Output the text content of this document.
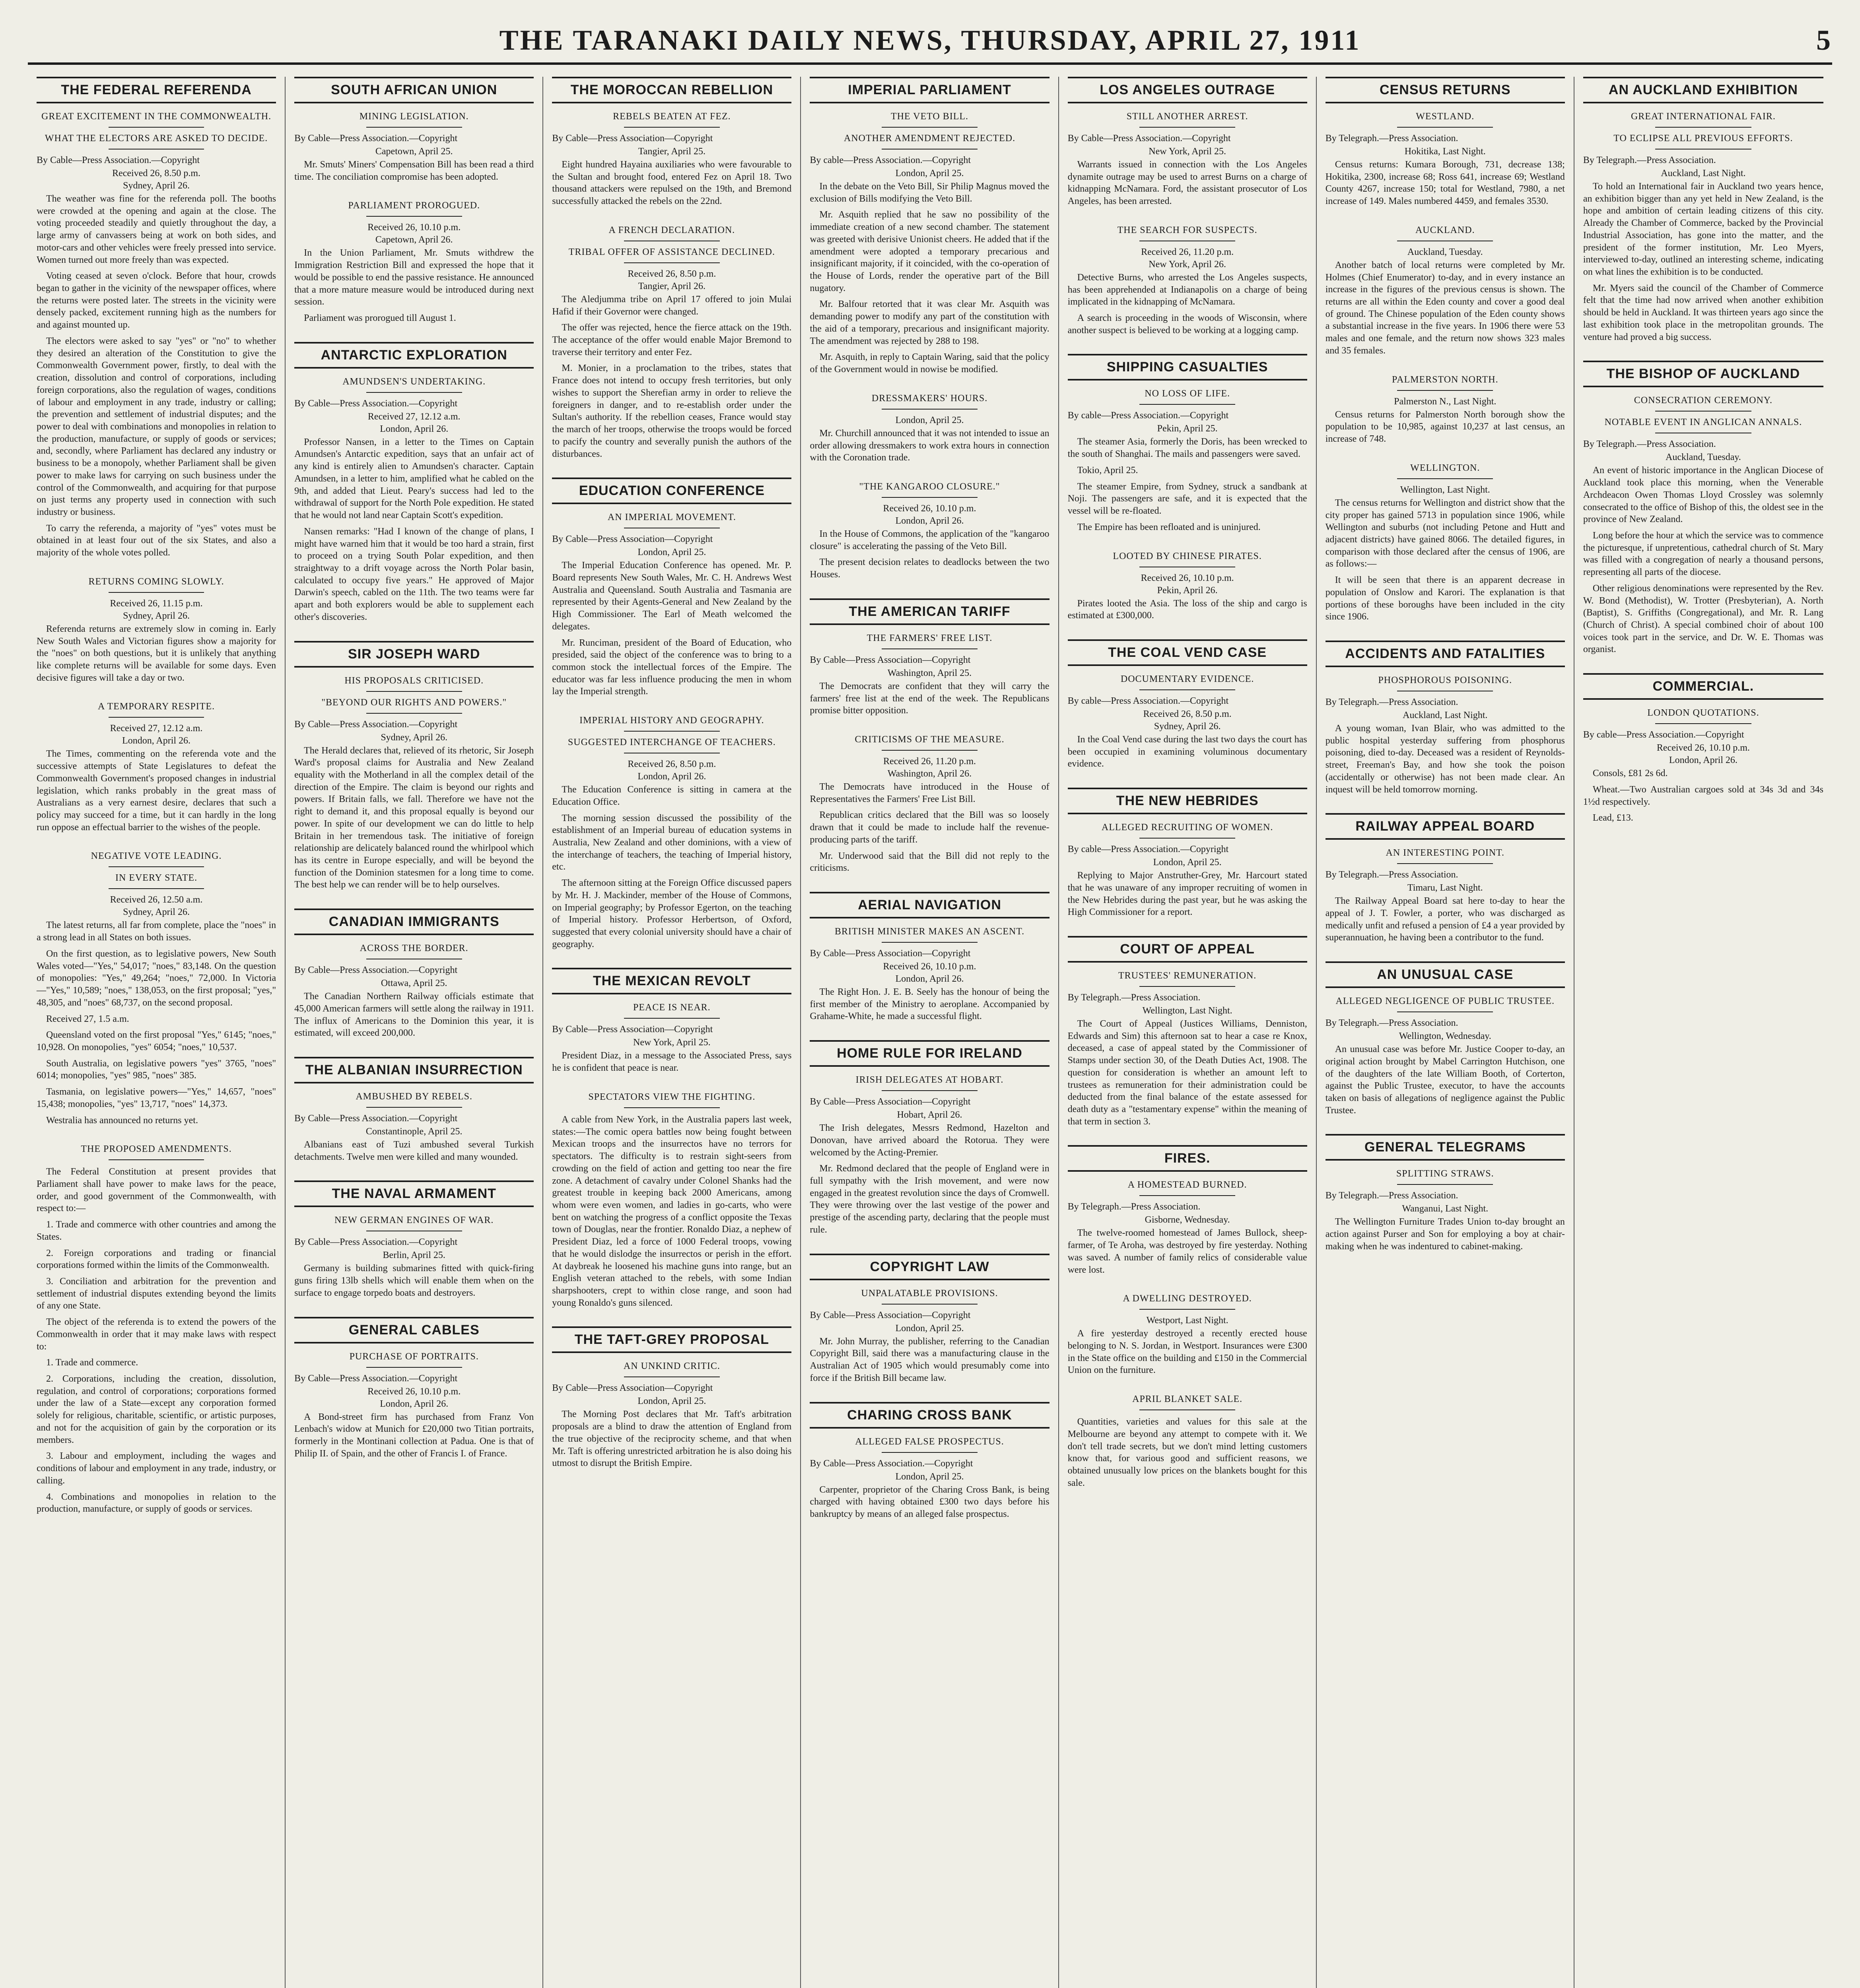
THE TARANAKI DAILY NEWS, THURSDAY, APRIL 27, 1911	5
THE FEDERAL REFERENDA
GREAT EXCITEMENT IN THE COMMONWEALTH.
WHAT THE ELECTORS ARE ASKED TO DECIDE.
By Cable—Press Association.—Copyright
Received 26, 8.50 p.m.
Sydney, April 26.

The weather was fine for the referenda poll. The booths were crowded at the opening and again at the close. The voting proceeded steadily and quietly throughout the day, a large army of canvassers being at work on both sides, and motor-cars and other vehicles were freely pressed into service. Women turned out more freely than was expected.

Voting ceased at seven o'clock. Before that hour, crowds began to gather in the vicinity of the newspaper offices, where the returns were posted later. The streets in the vicinity were densely packed, excitement running high as the numbers for and against mounted up.

The electors were asked to say "yes" or "no" to whether they desired an alteration of the Constitution to give the Commonwealth Government power, firstly, to deal with the creation, dissolution and control of corporations, including foreign corporations, also the regulation of wages, conditions of labour and employment in any trade, industry or calling; the prevention and settlement of industrial disputes; and the power to deal with combinations and monopolies in relation to the production, manufacture, or supply of goods or services; and, secondly, where Parliament has declared any industry or business to be a monopoly, whether Parliament shall be given power to make laws for carrying on such business under the control of the Commonwealth, and acquiring for that purpose on just terms any property used in connection with such industry or business.

To carry the referenda, a majority of "yes" votes must be obtained in at least four out of the six States, and also a majority of the whole votes polled.

RETURNS COMING SLOWLY.
Received 26, 11.15 p.m.
Sydney, April 26.

Referenda returns are extremely slow in coming in. Early New South Wales and Victorian figures show a majority for the "noes" on both questions, but it is unlikely that anything like complete returns will be available for some days. Even decisive figures will take a day or two.

A TEMPORARY RESPITE.
Received 27, 12.12 a.m.
London, April 26.

The Times, commenting on the referenda vote and the successive attempts of State Legislatures to defeat the Commonwealth Government's proposed changes in industrial legislation, which ranks probably in the great mass of Australians as a very earnest desire, declares that such a policy may succeed for a time, but it can hardly in the long run oppose an effectual barrier to the wishes of the people.

NEGATIVE VOTE LEADING.
IN EVERY STATE.
Received 26, 12.50 a.m.
Sydney, April 26.

The latest returns, all far from complete, place the "noes" in a strong lead in all States on both issues.

On the first question, as to legislative powers, New South Wales voted—"Yes," 54,017; "noes," 83,148. On the question of monopolies: "Yes," 49,264; "noes," 72,000. In Victoria—"Yes," 10,589; "noes," 138,053, on the first proposal; "yes," 48,305, and "noes" 68,737, on the second proposal.

Received 27, 1.5 a.m.

Queensland voted on the first proposal "Yes," 6145; "noes," 10,928. On monopolies, "yes" 6054; "noes," 10,537.

South Australia, on legislative powers "yes" 3765, "noes" 6014; monopolies, "yes" 985, "noes" 385.

Tasmania, on legislative powers—"Yes," 14,657, "noes" 15,438; monopolies, "yes" 13,717, "noes" 14,373.

Westralia has announced no returns yet.

THE PROPOSED AMENDMENTS.

The Federal Constitution at present provides that Parliament shall have power to make laws for the peace, order, and good government of the Commonwealth, with respect to:—

1. Trade and commerce with other countries and among the States.

2. Foreign corporations and trading or financial corporations formed within the limits of the Commonwealth.

3. Conciliation and arbitration for the prevention and settlement of industrial disputes extending beyond the limits of any one State.

The object of the referenda is to extend the powers of the Commonwealth in order that it may make laws with respect to:

1. Trade and commerce.

2. Corporations, including the creation, dissolution, regulation, and control of corporations; corporations formed under the law of a State—except any corporation formed solely for religious, charitable, scientific, or artistic purposes, and not for the acquisition of gain by the corporation or its members.

3. Labour and employment, including the wages and conditions of labour and employment in any trade, industry, or calling.

4. Combinations and monopolies in relation to the production, manufacture, or supply of goods or services.

SOUTH AFRICAN UNION
MINING LEGISLATION.
By Cable—Press Association.—Copyright
Capetown, April 25.

Mr. Smuts' Miners' Compensation Bill has been read a third time. The conciliation compromise has been adopted.

PARLIAMENT PROROGUED.
Received 26, 10.10 p.m.
Capetown, April 26.

In the Union Parliament, Mr. Smuts withdrew the Immigration Restriction Bill and expressed the hope that it would be possible to end the passive resistance. He announced that a more mature measure would be introduced during next session.

Parliament was prorogued till August 1.

ANTARCTIC EXPLORATION
AMUNDSEN'S UNDERTAKING.
By Cable—Press Association.—Copyright
Received 27, 12.12 a.m.
London, April 26.

Professor Nansen, in a letter to the Times on Captain Amundsen's Antarctic expedition, says that an unfair act of any kind is entirely alien to Amundsen's character. Captain Amundsen, in a letter to him, amplified what he cabled on the 9th, and added that Lieut. Peary's success had led to the withdrawal of support for the North Pole expedition. He stated that he would not land near Captain Scott's expedition.

Nansen remarks: "Had I known of the change of plans, I might have warned him that it would be too hard a strain, first to proceed on a trying South Polar expedition, and then straightway to a drift voyage across the North Polar basin, calculated to occupy five years." He approved of Major Darwin's speech, cabled on the 11th. The two teams were far apart and both explorers would be able to supplement each other's discoveries.

SIR JOSEPH WARD
HIS PROPOSALS CRITICISED.
"BEYOND OUR RIGHTS AND POWERS."
By Cable—Press Association.—Copyright
Sydney, April 26.

The Herald declares that, relieved of its rhetoric, Sir Joseph Ward's proposal claims for Australia and New Zealand equality with the Motherland in all the complex detail of the direction of the Empire. The claim is beyond our rights and powers. If Britain falls, we fall. Therefore we have not the right to demand it, and this proposal equally is beyond our power. In spite of our development we can do little to help Britain in her tremendous task. The initiative of foreign relationship are delicately balanced round the whirlpool which has its centre in Europe especially, and will be beyond the function of the Dominion statesmen for a long time to come. The best help we can render will be to help ourselves.

CANADIAN IMMIGRANTS
ACROSS THE BORDER.
By Cable—Press Association.—Copyright
Ottawa, April 25.

The Canadian Northern Railway officials estimate that 45,000 American farmers will settle along the railway in 1911. The influx of Americans to the Dominion this year, it is estimated, will exceed 200,000.

THE ALBANIAN INSURRECTION
AMBUSHED BY REBELS.
By Cable—Press Association.—Copyright
Constantinople, April 25.

Albanians east of Tuzi ambushed several Turkish detachments. Twelve men were killed and many wounded.

THE NAVAL ARMAMENT
NEW GERMAN ENGINES OF WAR.
By Cable—Press Association.—Copyright
Berlin, April 25.

Germany is building submarines fitted with quick-firing guns firing 13lb shells which will enable them when on the surface to engage torpedo boats and destroyers.

GENERAL CABLES
PURCHASE OF PORTRAITS.
By Cable—Press Association.—Copyright
Received 26, 10.10 p.m.
London, April 26.

A Bond-street firm has purchased from Franz Von Lenbach's widow at Munich for £20,000 two Titian portraits, formerly in the Montinani collection at Padua. One is that of Philip II. of Spain, and the other of Francis I. of France.

THE MOROCCAN REBELLION
REBELS BEATEN AT FEZ.
By Cable—Press Association—Copyright
Tangier, April 25.

Eight hundred Hayaina auxiliaries who were favourable to the Sultan and brought food, entered Fez on April 18. Two thousand attackers were repulsed on the 19th, and Bremond successfully attacked the rebels on the 22nd.

A FRENCH DECLARATION.
TRIBAL OFFER OF ASSISTANCE DECLINED.
Received 26, 8.50 p.m.
Tangier, April 26.

The Aledjumma tribe on April 17 offered to join Mulai Hafid if their Governor were changed.

The offer was rejected, hence the fierce attack on the 19th. The acceptance of the offer would enable Major Bremond to traverse their territory and enter Fez.

M. Monier, in a proclamation to the tribes, states that France does not intend to occupy fresh territories, but only wishes to support the Sherefian army in order to relieve the foreigners in danger, and to re-establish order under the Sultan's authority. If the rebellion ceases, France would stay the march of her troops, otherwise the troops would be forced to pacify the country and severally punish the authors of the disturbances.

EDUCATION CONFERENCE
AN IMPERIAL MOVEMENT.
By Cable—Press Association—Copyright
London, April 25.

The Imperial Education Conference has opened. Mr. P. Board represents New South Wales, Mr. C. H. Andrews West Australia and Queensland. South Australia and Tasmania are represented by their Agents-General and New Zealand by the High Commissioner. The Earl of Meath welcomed the delegates.

Mr. Runciman, president of the Board of Education, who presided, said the object of the conference was to bring to a common stock the intellectual forces of the Empire. The educator was far less influence producing the men in whom lay the Imperial strength.

IMPERIAL HISTORY AND GEOGRAPHY.
SUGGESTED INTERCHANGE OF TEACHERS.
Received 26, 8.50 p.m.
London, April 26.

The Education Conference is sitting in camera at the Education Office.

The morning session discussed the possibility of the establishment of an Imperial bureau of education systems in Australia, New Zealand and other dominions, with a view of the interchange of teachers, the teaching of Imperial history, etc.

The afternoon sitting at the Foreign Office discussed papers by Mr. H. J. Mackinder, member of the House of Commons, on Imperial geography; by Professor Egerton, on the teaching of Imperial history. Professor Herbertson, of Oxford, suggested that every colonial university should have a chair of geography.

THE MEXICAN REVOLT
PEACE IS NEAR.
By Cable—Press Association—Copyright
New York, April 25.

President Diaz, in a message to the Associated Press, says he is confident that peace is near.

SPECTATORS VIEW THE FIGHTING.

A cable from New York, in the Australia papers last week, states:—The comic opera battles now being fought between Mexican troops and the insurrectos have no terrors for spectators. The difficulty is to restrain sight-seers from crowding on the field of action and getting too near the fire zone. A detachment of cavalry under Colonel Shanks had the greatest trouble in keeping back 2000 Americans, among whom were even women, and ladies in go-carts, who were bent on watching the progress of a conflict opposite the Texas town of Douglas, near the frontier. Ronaldo Diaz, a nephew of President Diaz, led a force of 1000 Federal troops, vowing that he would dislodge the insurrectos or perish in the effort. At daybreak he loosened his machine guns into range, but an English veteran attached to the rebels, with some Indian sharpshooters, crept to within close range, and soon had young Ronaldo's guns silenced.

THE TAFT-GREY PROPOSAL
AN UNKIND CRITIC.
By Cable—Press Association—Copyright
London, April 25.

The Morning Post declares that Mr. Taft's arbitration proposals are a blind to draw the attention of England from the true objective of the reciprocity scheme, and that when Mr. Taft is offering unrestricted arbitration he is also doing his utmost to disrupt the British Empire.

IMPERIAL PARLIAMENT
THE VETO BILL.
ANOTHER AMENDMENT REJECTED.
By cable—Press Association.—Copyright
London, April 25.

In the debate on the Veto Bill, Sir Philip Magnus moved the exclusion of Bills modifying the Veto Bill.

Mr. Asquith replied that he saw no possibility of the immediate creation of a new second chamber. The statement was greeted with derisive Unionist cheers. He added that if the amendment were adopted a temporary precarious and insignificant majority, if it coincided, with the co-operation of the House of Lords, render the operative part of the Bill nugatory.

Mr. Balfour retorted that it was clear Mr. Asquith was demanding power to modify any part of the constitution with the aid of a temporary, precarious and insignificant majority. The amendment was rejected by 288 to 198.

Mr. Asquith, in reply to Captain Waring, said that the policy of the Government would in nowise be modified.

DRESSMAKERS' HOURS.
London, April 25.

Mr. Churchill announced that it was not intended to issue an order allowing dressmakers to work extra hours in connection with the Coronation trade.

"THE KANGAROO CLOSURE."
Received 26, 10.10 p.m.
London, April 26.

In the House of Commons, the application of the "kangaroo closure" is accelerating the passing of the Veto Bill.

The present decision relates to deadlocks between the two Houses.

THE AMERICAN TARIFF
THE FARMERS' FREE LIST.
By Cable—Press Association—Copyright
Washington, April 25.

The Democrats are confident that they will carry the farmers' free list at the end of the week. The Republicans promise bitter opposition.

CRITICISMS OF THE MEASURE.
Received 26, 11.20 p.m.
Washington, April 26.

The Democrats have introduced in the House of Representatives the Farmers' Free List Bill.

Republican critics declared that the Bill was so loosely drawn that it could be made to include half the revenue-producing parts of the tariff.

Mr. Underwood said that the Bill did not reply to the criticisms.

AERIAL NAVIGATION
BRITISH MINISTER MAKES AN ASCENT.
By Cable—Press Association—Copyright
Received 26, 10.10 p.m.
London, April 26.

The Right Hon. J. E. B. Seely has the honour of being the first member of the Ministry to aeroplane. Accompanied by Grahame-White, he made a successful flight.

HOME RULE FOR IRELAND
IRISH DELEGATES AT HOBART.
By Cable—Press Association—Copyright
Hobart, April 26.

The Irish delegates, Messrs Redmond, Hazelton and Donovan, have arrived aboard the Rotorua. They were welcomed by the Acting-Premier.

Mr. Redmond declared that the people of England were in full sympathy with the Irish movement, and were now engaged in the greatest revolution since the days of Cromwell. They were throwing over the last vestige of the power and prestige of the ascending party, declaring that the people must rule.

COPYRIGHT LAW
UNPALATABLE PROVISIONS.
By Cable—Press Association—Copyright
London, April 25.

Mr. John Murray, the publisher, referring to the Canadian Copyright Bill, said there was a manufacturing clause in the Australian Act of 1905 which would presumably come into force if the British Bill became law.

CHARING CROSS BANK
ALLEGED FALSE PROSPECTUS.
By Cable—Press Association.—Copyright
London, April 25.

Carpenter, proprietor of the Charing Cross Bank, is being charged with having obtained £300 two days before his bankruptcy by means of an alleged false prospectus.

LOS ANGELES OUTRAGE
STILL ANOTHER ARREST.
By Cable—Press Association.—Copyright
New York, April 25.

Warrants issued in connection with the Los Angeles dynamite outrage may be used to arrest Burns on a charge of kidnapping McNamara. Ford, the assistant prosecutor of Los Angeles, has been arrested.

THE SEARCH FOR SUSPECTS.
Received 26, 11.20 p.m.
New York, April 26.

Detective Burns, who arrested the Los Angeles suspects, has been apprehended at Indianapolis on a charge of being implicated in the kidnapping of McNamara.

A search is proceeding in the woods of Wisconsin, where another suspect is believed to be working at a logging camp.

SHIPPING CASUALTIES
NO LOSS OF LIFE.
By cable—Press Association.—Copyright
Pekin, April 25.

The steamer Asia, formerly the Doris, has been wrecked to the south of Shanghai. The mails and passengers were saved.

Tokio, April 25.

The steamer Empire, from Sydney, struck a sandbank at Noji. The passengers are safe, and it is expected that the vessel will be re-floated.

The Empire has been refloated and is uninjured.

LOOTED BY CHINESE PIRATES.
Received 26, 10.10 p.m.
Pekin, April 26.

Pirates looted the Asia. The loss of the ship and cargo is estimated at £300,000.

THE COAL VEND CASE
DOCUMENTARY EVIDENCE.
By cable—Press Association.—Copyright
Received 26, 8.50 p.m.
Sydney, April 26.

In the Coal Vend case during the last two days the court has been occupied in examining voluminous documentary evidence.

THE NEW HEBRIDES
ALLEGED RECRUITING OF WOMEN.
By cable—Press Association.—Copyright
London, April 25.

Replying to Major Anstruther-Grey, Mr. Harcourt stated that he was unaware of any improper recruiting of women in the New Hebrides during the past year, but he was asking the High Commissioner for a report.

COURT OF APPEAL
TRUSTEES' REMUNERATION.
By Telegraph.—Press Association.
Wellington, Last Night.

The Court of Appeal (Justices Williams, Denniston, Edwards and Sim) this afternoon sat to hear a case re Knox, deceased, a case of appeal stated by the Commissioner of Stamps under section 30, of the Death Duties Act, 1908. The question for consideration is whether an amount left to trustees as remuneration for their administration could be deducted from the final balance of the estate assessed for death duty as a "testamentary expense" within the meaning of that term in section 3.

FIRES.
A HOMESTEAD BURNED.
By Telegraph.—Press Association.
Gisborne, Wednesday.

The twelve-roomed homestead of James Bullock, sheep-farmer, of Te Aroha, was destroyed by fire yesterday. Nothing was saved. A number of family relics of considerable value were lost.

A DWELLING DESTROYED.
Westport, Last Night.

A fire yesterday destroyed a recently erected house belonging to N. S. Jordan, in Westport. Insurances were £300 in the State office on the building and £150 in the Commercial Union on the furniture.

APRIL BLANKET SALE.

Quantities, varieties and values for this sale at the Melbourne are beyond any attempt to compete with it. We don't tell trade secrets, but we don't mind letting customers know that, for various good and sufficient reasons, we obtained unusually low prices on the blankets bought for this sale.

CENSUS RETURNS
WESTLAND.
By Telegraph.—Press Association.
Hokitika, Last Night.

Census returns: Kumara Borough, 731, decrease 138; Hokitika, 2300, increase 68; Ross 641, increase 69; Westland County 4267, increase 150; total for Westland, 7980, a net increase of 149. Males numbered 4459, and females 3530.

AUCKLAND.
Auckland, Tuesday.

Another batch of local returns were completed by Mr. Holmes (Chief Enumerator) to-day, and in every instance an increase in the figures of the previous census is shown. The returns are all within the Eden county and cover a good deal of ground. The Chinese population of the Eden county shows a substantial increase in the five years. In 1906 there were 53 males and one female, and the return now shows 323 males and 35 females.

PALMERSTON NORTH.
Palmerston N., Last Night.

Census returns for Palmerston North borough show the population to be 10,985, against 10,237 at last census, an increase of 748.

WELLINGTON.
Wellington, Last Night.

The census returns for Wellington and district show that the city proper has gained 5713 in population since 1906, while Wellington and suburbs (not including Petone and Hutt and adjacent districts) have gained 8066. The detailed figures, in comparison with those declared after the census of 1906, are as follows:—

It will be seen that there is an apparent decrease in population of Onslow and Karori. The explanation is that portions of these boroughs have been included in the city since 1906.

ACCIDENTS AND FATALITIES
PHOSPHOROUS POISONING.
By Telegraph.—Press Association.
Auckland, Last Night.

A young woman, Ivan Blair, who was admitted to the public hospital yesterday suffering from phosphorus poisoning, died to-day. Deceased was a resident of Reynolds-street, Freeman's Bay, and how she took the poison (accidentally or otherwise) has not been made clear. An inquest will be held tomorrow morning.

RAILWAY APPEAL BOARD
AN INTERESTING POINT.
By Telegraph.—Press Association.
Timaru, Last Night.

The Railway Appeal Board sat here to-day to hear the appeal of J. T. Fowler, a porter, who was discharged as medically unfit and refused a pension of £4 a year provided by superannuation, he having been a contributor to the fund.

AN UNUSUAL CASE
ALLEGED NEGLIGENCE OF PUBLIC TRUSTEE.
By Telegraph.—Press Association.
Wellington, Wednesday.

An unusual case was before Mr. Justice Cooper to-day, an original action brought by Mabel Carrington Hutchison, one of the daughters of the late William Booth, of Corterton, against the Public Trustee, executor, to have the accounts taken on basis of allegations of negligence against the Public Trustee.

GENERAL TELEGRAMS
SPLITTING STRAWS.
By Telegraph.—Press Association.
Wanganui, Last Night.

The Wellington Furniture Trades Union to-day brought an action against Purser and Son for employing a boy at chair-making when he was indentured to cabinet-making.

AN AUCKLAND EXHIBITION
GREAT INTERNATIONAL FAIR.
TO ECLIPSE ALL PREVIOUS EFFORTS.
By Telegraph.—Press Association.
Auckland, Last Night.

To hold an International fair in Auckland two years hence, an exhibition bigger than any yet held in New Zealand, is the hope and ambition of certain leading citizens of this city. Already the Chamber of Commerce, backed by the Provincial Industrial Association, has gone into the matter, and the president of the former institution, Mr. Leo Myers, interviewed to-day, outlined an interesting scheme, indicating on what lines the exhibition is to be conducted.

Mr. Myers said the council of the Chamber of Commerce felt that the time had now arrived when another exhibition should be held in Auckland. It was thirteen years ago since the last exhibition took place in the metropolitan grounds. The venture had proved a big success.

THE BISHOP OF AUCKLAND
CONSECRATION CEREMONY.
NOTABLE EVENT IN ANGLICAN ANNALS.
By Telegraph.—Press Association.
Auckland, Tuesday.

An event of historic importance in the Anglican Diocese of Auckland took place this morning, when the Venerable Archdeacon Owen Thomas Lloyd Crossley was solemnly consecrated to the office of Bishop of this, the oldest see in the province of New Zealand.

Long before the hour at which the service was to commence the picturesque, if unpretentious, cathedral church of St. Mary was filled with a congregation of nearly a thousand persons, representing all parts of the diocese.

Other religious denominations were represented by the Rev. W. Bond (Methodist), W. Trotter (Presbyterian), A. North (Baptist), S. Griffiths (Congregational), and Mr. R. Lang (Church of Christ). A special combined choir of about 100 voices took part in the service, and Dr. W. E. Thomas was organist.

COMMERCIAL.
LONDON QUOTATIONS.
By cable—Press Association.—Copyright
Received 26, 10.10 p.m.
London, April 26.

Consols, £81 2s 6d.

Wheat.—Two Australian cargoes sold at 34s 3d and 34s 1½d respectively.

Lead, £13.
